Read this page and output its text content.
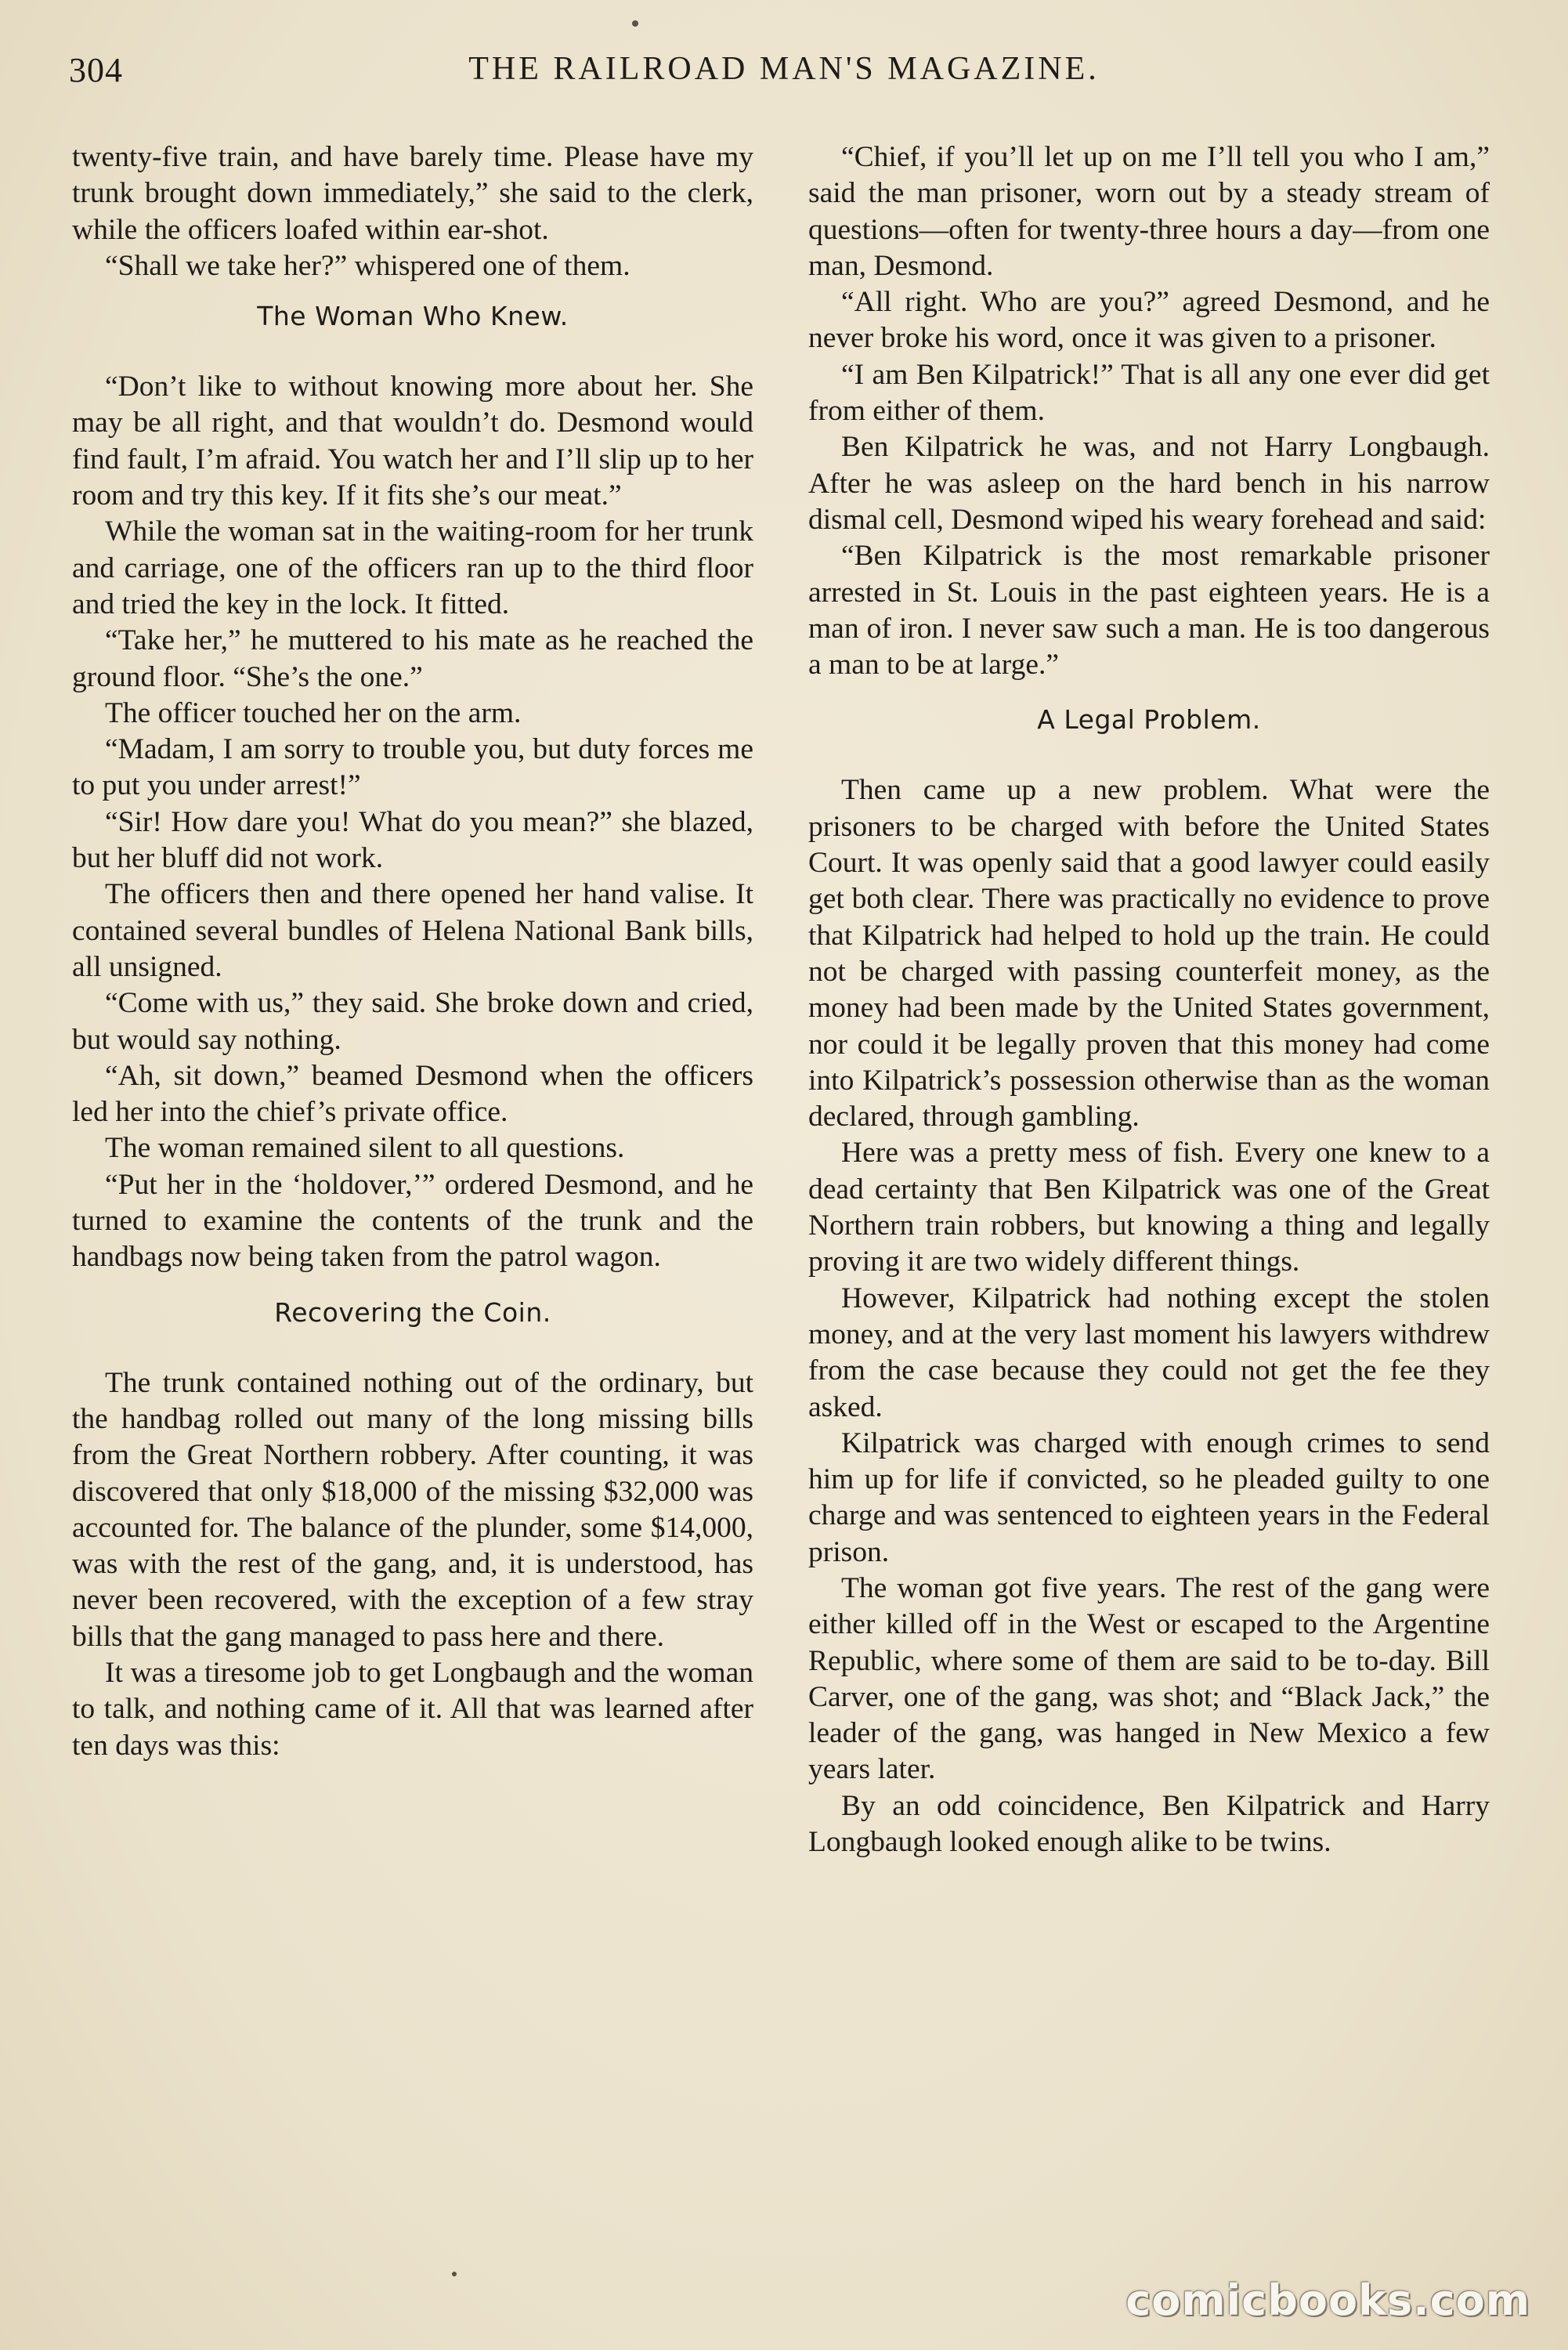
304	THE RAILROAD MAN'S MAGAZINE.

twenty-five train, and have barely time. Please have my trunk brought down immediately,” she said to the clerk, while the officers loafed within ear-shot.

“Shall we take her?” whispered one of them.

The Woman Who Knew.

“Don’t like to without knowing more about her. She may be all right, and that wouldn’t do. Desmond would find fault, I’m afraid. You watch her and I’ll slip up to her room and try this key. If it fits she’s our meat.”

While the woman sat in the waiting-room for her trunk and carriage, one of the officers ran up to the third floor and tried the key in the lock. It fitted.

“Take her,” he muttered to his mate as he reached the ground floor. “She’s the one.”

The officer touched her on the arm.

“Madam, I am sorry to trouble you, but duty forces me to put you under arrest!”

“Sir! How dare you! What do you mean?” she blazed, but her bluff did not work.

The officers then and there opened her hand valise. It contained several bundles of Helena National Bank bills, all unsigned.

“Come with us,” they said. She broke down and cried, but would say nothing.

“Ah, sit down,” beamed Desmond when the officers led her into the chief’s private office.

The woman remained silent to all questions.

“Put her in the ‘holdover,’” ordered Desmond, and he turned to examine the contents of the trunk and the handbags now being taken from the patrol wagon.

Recovering the Coin.

The trunk contained nothing out of the ordinary, but the handbag rolled out many of the long missing bills from the Great Northern robbery. After counting, it was discovered that only $18,000 of the missing $32,000 was accounted for. The balance of the plunder, some $14,000, was with the rest of the gang, and, it is understood, has never been recovered, with the exception of a few stray bills that the gang managed to pass here and there.

It was a tiresome job to get Longbaugh and the woman to talk, and nothing came of it. All that was learned after ten days was this:

“Chief, if you’ll let up on me I’ll tell you who I am,” said the man prisoner, worn out by a steady stream of questions—often for twenty-three hours a day—from one man, Desmond.

“All right. Who are you?” agreed Desmond, and he never broke his word, once it was given to a prisoner.

“I am Ben Kilpatrick!” That is all any one ever did get from either of them.

Ben Kilpatrick he was, and not Harry Longbaugh. After he was asleep on the hard bench in his narrow dismal cell, Desmond wiped his weary forehead and said:

“Ben Kilpatrick is the most remarkable prisoner arrested in St. Louis in the past eighteen years. He is a man of iron. I never saw such a man. He is too dangerous a man to be at large.”

A Legal Problem.

Then came up a new problem. What were the prisoners to be charged with before the United States Court. It was openly said that a good lawyer could easily get both clear. There was practically no evidence to prove that Kilpatrick had helped to hold up the train. He could not be charged with passing counterfeit money, as the money had been made by the United States government, nor could it be legally proven that this money had come into Kilpatrick’s possession otherwise than as the woman declared, through gambling.

Here was a pretty mess of fish. Every one knew to a dead certainty that Ben Kilpatrick was one of the Great Northern train robbers, but knowing a thing and legally proving it are two widely different things.

However, Kilpatrick had nothing except the stolen money, and at the very last moment his lawyers withdrew from the case because they could not get the fee they asked.

Kilpatrick was charged with enough crimes to send him up for life if convicted, so he pleaded guilty to one charge and was sentenced to eighteen years in the Federal prison.

The woman got five years. The rest of the gang were either killed off in the West or escaped to the Argentine Republic, where some of them are said to be to-day. Bill Carver, one of the gang, was shot; and “Black Jack,” the leader of the gang, was hanged in New Mexico a few years later.

By an odd coincidence, Ben Kilpatrick and Harry Longbaugh looked enough alike to be twins.

comicbooks.com
